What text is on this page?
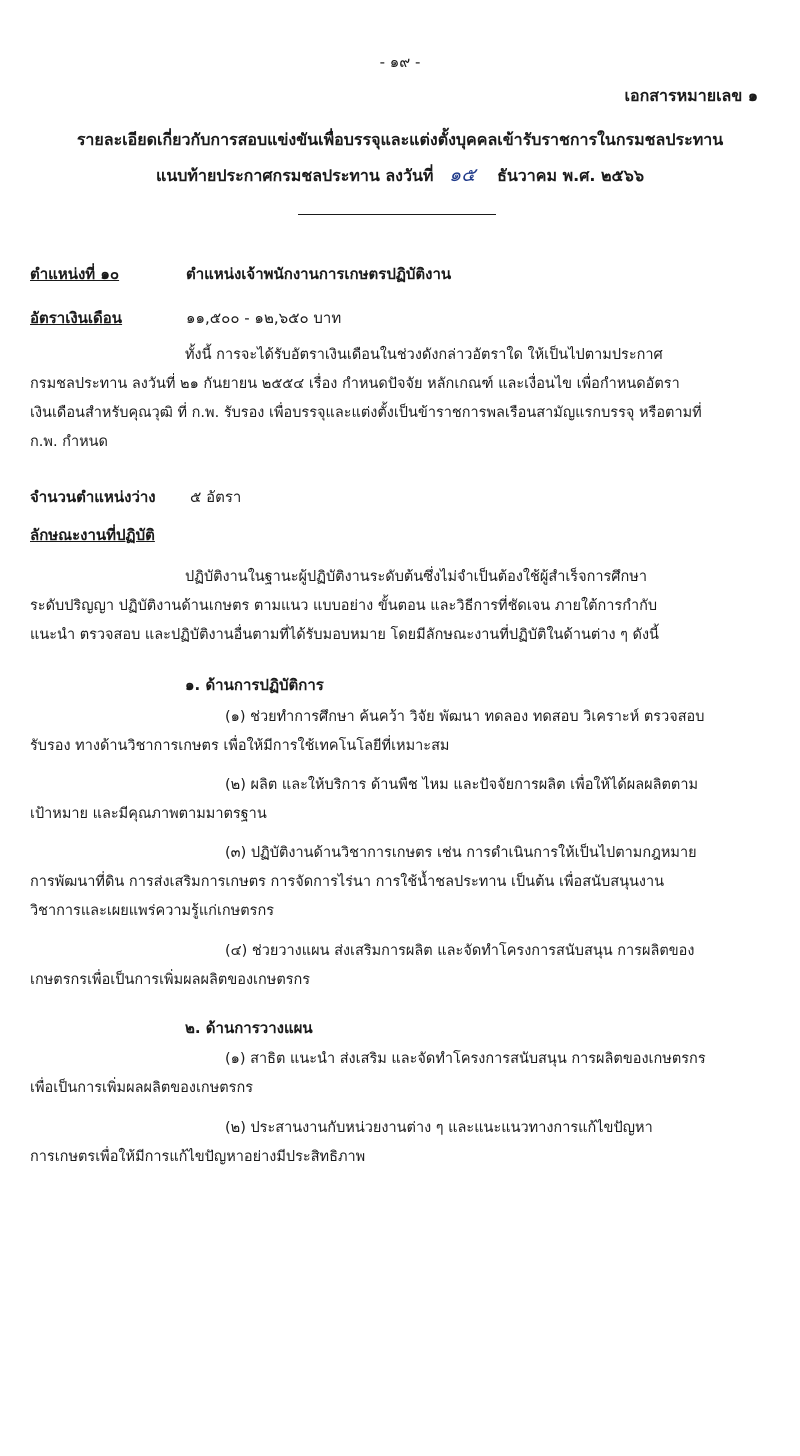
- ๑๙ -
เอกสารหมายเลข ๑
รายละเอียดเกี่ยวกับการสอบแข่งขันเพื่อบรรจุและแต่งตั้งบุคคลเข้ารับราชการในกรมชลประทาน
แนบท้ายประกาศกรมชลประทาน ลงวันที่ ๑๕ ธันวาคม พ.ศ. ๒๕๖๖
ตำแหน่งที่ ๑๐	ตำแหน่งเจ้าพนักงานการเกษตรปฏิบัติงาน
อัตราเงินเดือน	๑๑,๕๐๐ - ๑๒,๖๕๐ บาท
ทั้งนี้ การจะได้รับอัตราเงินเดือนในช่วงดังกล่าวอัตราใด ให้เป็นไปตามประกาศ
กรมชลประทาน ลงวันที่ ๒๑ กันยายน ๒๕๕๔ เรื่อง กำหนดปัจจัย หลักเกณฑ์ และเงื่อนไข เพื่อกำหนดอัตรา
เงินเดือนสำหรับคุณวุฒิ ที่ ก.พ. รับรอง เพื่อบรรจุและแต่งตั้งเป็นข้าราชการพลเรือนสามัญแรกบรรจุ หรือตามที่
ก.พ. กำหนด
จำนวนตำแหน่งว่าง ๕ อัตรา
ลักษณะงานที่ปฏิบัติ
ปฏิบัติงานในฐานะผู้ปฏิบัติงานระดับต้นซึ่งไม่จำเป็นต้องใช้ผู้สำเร็จการศึกษา
ระดับปริญญา ปฏิบัติงานด้านเกษตร ตามแนว แบบอย่าง ขั้นตอน และวิธีการที่ชัดเจน ภายใต้การกำกับ
แนะนำ ตรวจสอบ และปฏิบัติงานอื่นตามที่ได้รับมอบหมาย โดยมีลักษณะงานที่ปฏิบัติในด้านต่าง ๆ ดังนี้
๑. ด้านการปฏิบัติการ
(๑) ช่วยทำการศึกษา ค้นคว้า วิจัย พัฒนา ทดลอง ทดสอบ วิเคราะห์ ตรวจสอบ
รับรอง ทางด้านวิชาการเกษตร เพื่อให้มีการใช้เทคโนโลยีที่เหมาะสม
(๒) ผลิต และให้บริการ ด้านพืช ไหม และปัจจัยการผลิต เพื่อให้ได้ผลผลิตตาม
เป้าหมาย และมีคุณภาพตามมาตรฐาน
(๓) ปฏิบัติงานด้านวิชาการเกษตร เช่น การดำเนินการให้เป็นไปตามกฎหมาย
การพัฒนาที่ดิน การส่งเสริมการเกษตร การจัดการไร่นา การใช้น้ำชลประทาน เป็นต้น เพื่อสนับสนุนงาน
วิชาการและเผยแพร่ความรู้แก่เกษตรกร
(๔) ช่วยวางแผน ส่งเสริมการผลิต และจัดทำโครงการสนับสนุน การผลิตของ
เกษตรกรเพื่อเป็นการเพิ่มผลผลิตของเกษตรกร
๒. ด้านการวางแผน
(๑) สาธิต แนะนำ ส่งเสริม และจัดทำโครงการสนับสนุน การผลิตของเกษตรกร
เพื่อเป็นการเพิ่มผลผลิตของเกษตรกร
(๒) ประสานงานกับหน่วยงานต่าง ๆ และแนะแนวทางการแก้ไขปัญหา
การเกษตรเพื่อให้มีการแก้ไขปัญหาอย่างมีประสิทธิภาพ
